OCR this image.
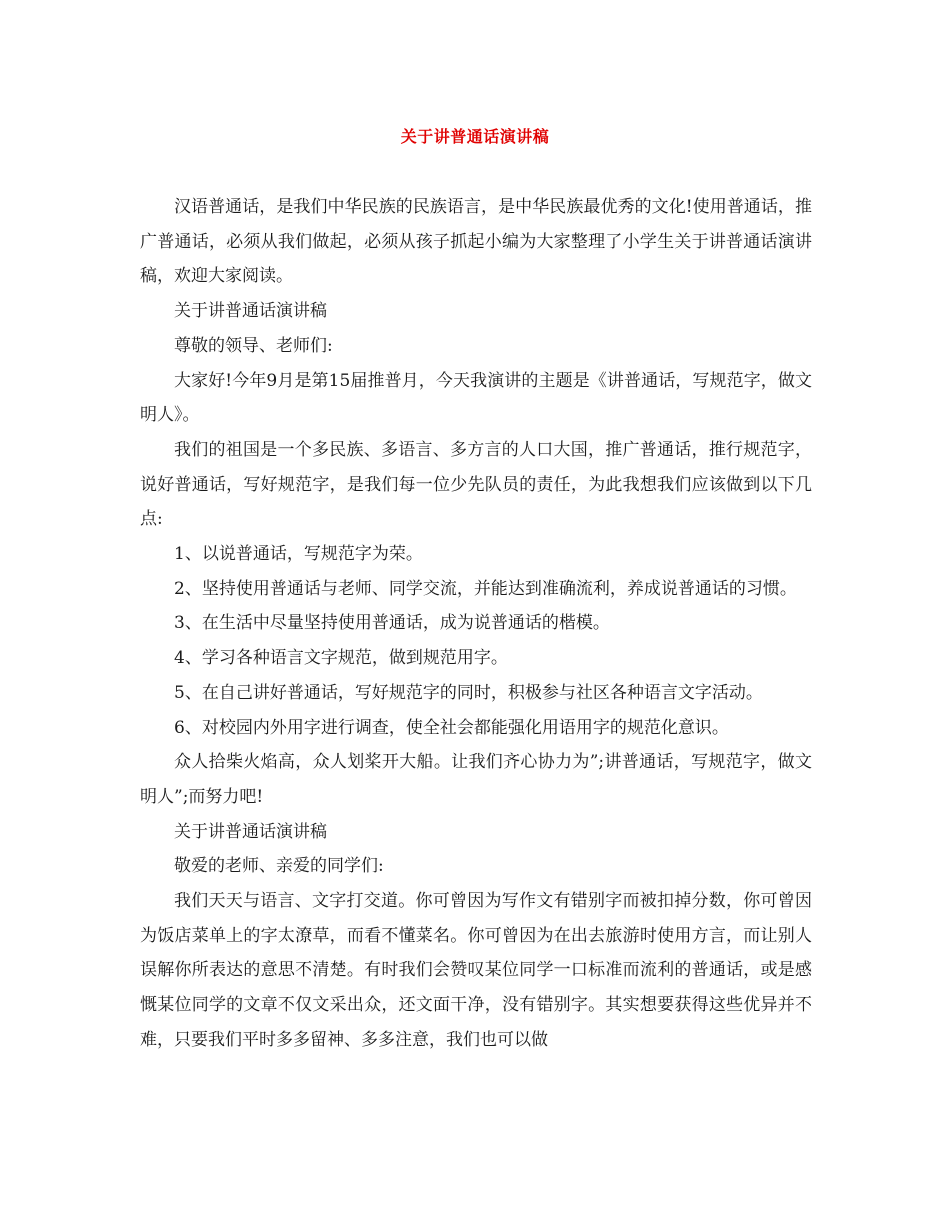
关于讲普通话演讲稿

汉语普通话，是我们中华民族的民族语言，是中华民族最优秀的文化!使用普通话，推广普通话，必须从我们做起，必须从孩子抓起小编为大家整理了小学生关于讲普通话演讲稿，欢迎大家阅读。

关于讲普通话演讲稿

尊敬的领导、老师们:

大家好!今年9月是第15届推普月，今天我演讲的主题是《讲普通话，写规范字，做文明人》。

我们的祖国是一个多民族、多语言、多方言的人口大国，推广普通话，推行规范字，说好普通话，写好规范字，是我们每一位少先队员的责任，为此我想我们应该做到以下几点:

1、以说普通话，写规范字为荣。

2、坚持使用普通话与老师、同学交流，并能达到准确流利，养成说普通话的习惯。

3、在生活中尽量坚持使用普通话，成为说普通话的楷模。

4、学习各种语言文字规范，做到规范用字。

5、在自己讲好普通话，写好规范字的同时，积极参与社区各种语言文字活动。

6、对校园内外用字进行调查，使全社会都能强化用语用字的规范化意识。

众人拾柴火焰高，众人划桨开大船。让我们齐心协力为”;讲普通话，写规范字，做文明人”;而努力吧!

关于讲普通话演讲稿

敬爱的老师、亲爱的同学们:

我们天天与语言、文字打交道。你可曾因为写作文有错别字而被扣掉分数，你可曾因为饭店菜单上的字太潦草，而看不懂菜名。你可曾因为在出去旅游时使用方言，而让别人误解你所表达的意思不清楚。有时我们会赞叹某位同学一口标准而流利的普通话，或是感慨某位同学的文章不仅文采出众，还文面干净，没有错别字。其实想要获得这些优异并不难，只要我们平时多多留神、多多注意，我们也可以做
